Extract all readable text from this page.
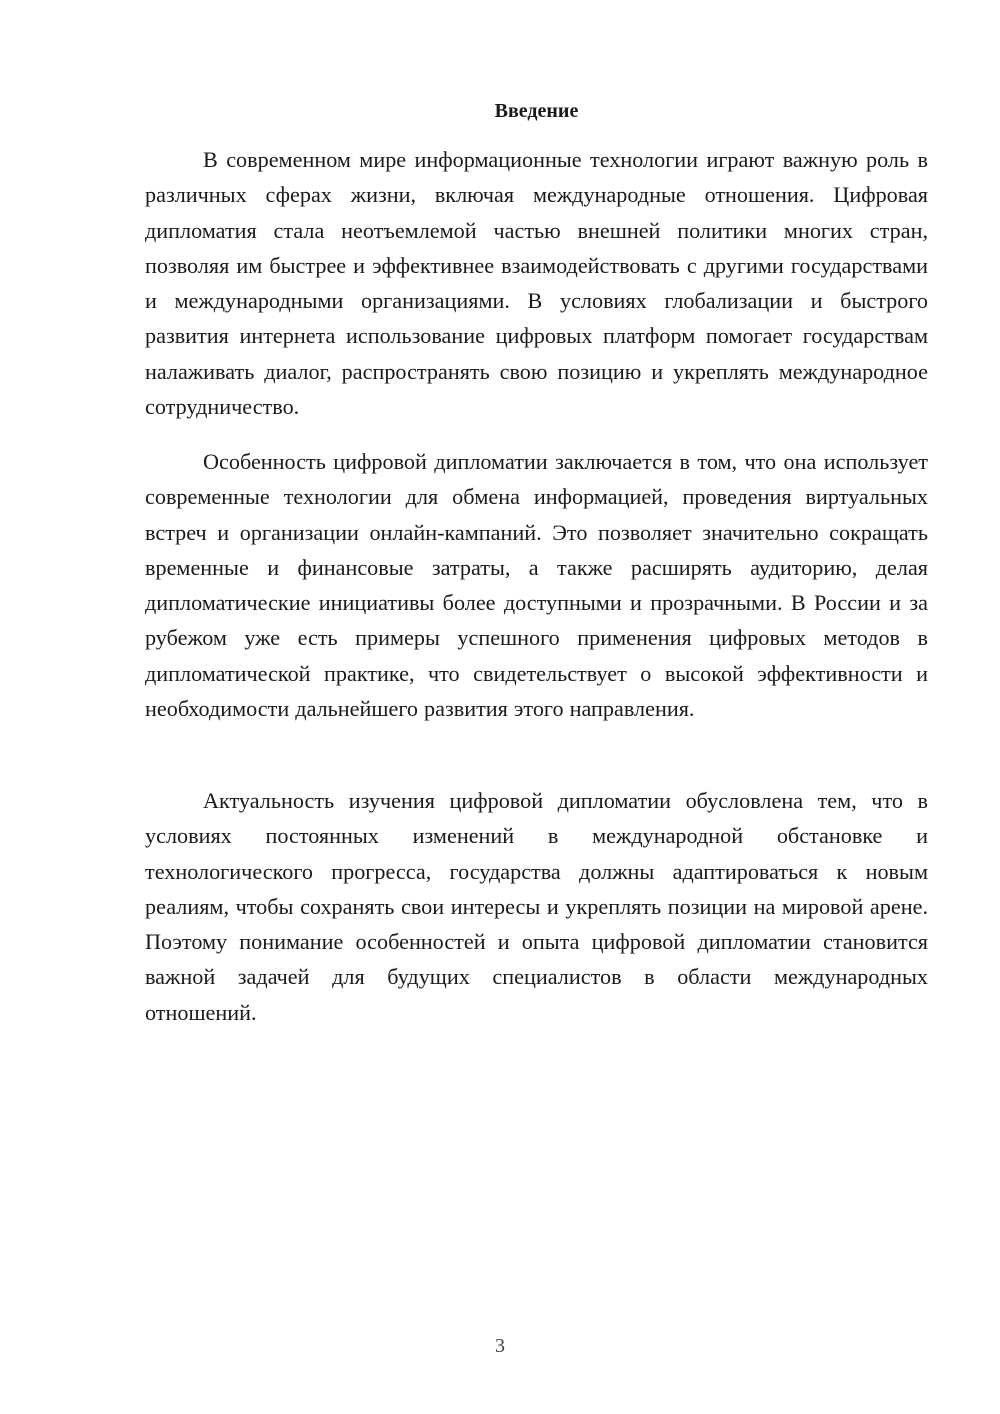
Введение

В современном мире информационные технологии играют важную роль в различных сферах жизни, включая международные отношения. Цифровая дипломатия стала неотъемлемой частью внешней политики многих стран, позволяя им быстрее и эффективнее взаимодействовать с другими государствами и международными организациями. В условиях глобализации и быстрого развития интернета использование цифровых платформ помогает государствам налаживать диалог, распространять свою позицию и укреплять международное сотрудничество.

Особенность цифровой дипломатии заключается в том, что она использует современные технологии для обмена информацией, проведения виртуальных встреч и организации онлайн-кампаний. Это позволяет значительно сокращать временные и финансовые затраты, а также расширять аудиторию, делая дипломатические инициативы более доступными и прозрачными. В России и за рубежом уже есть примеры успешного применения цифровых методов в дипломатической практике, что свидетельствует о высокой эффективности и необходимости дальнейшего развития этого направления.

Актуальность изучения цифровой дипломатии обусловлена тем, что в условиях постоянных изменений в международной обстановке и технологического прогресса, государства должны адаптироваться к новым реалиям, чтобы сохранять свои интересы и укреплять позиции на мировой арене. Поэтому понимание особенностей и опыта цифровой дипломатии становится важной задачей для будущих специалистов в области международных отношений.

3
